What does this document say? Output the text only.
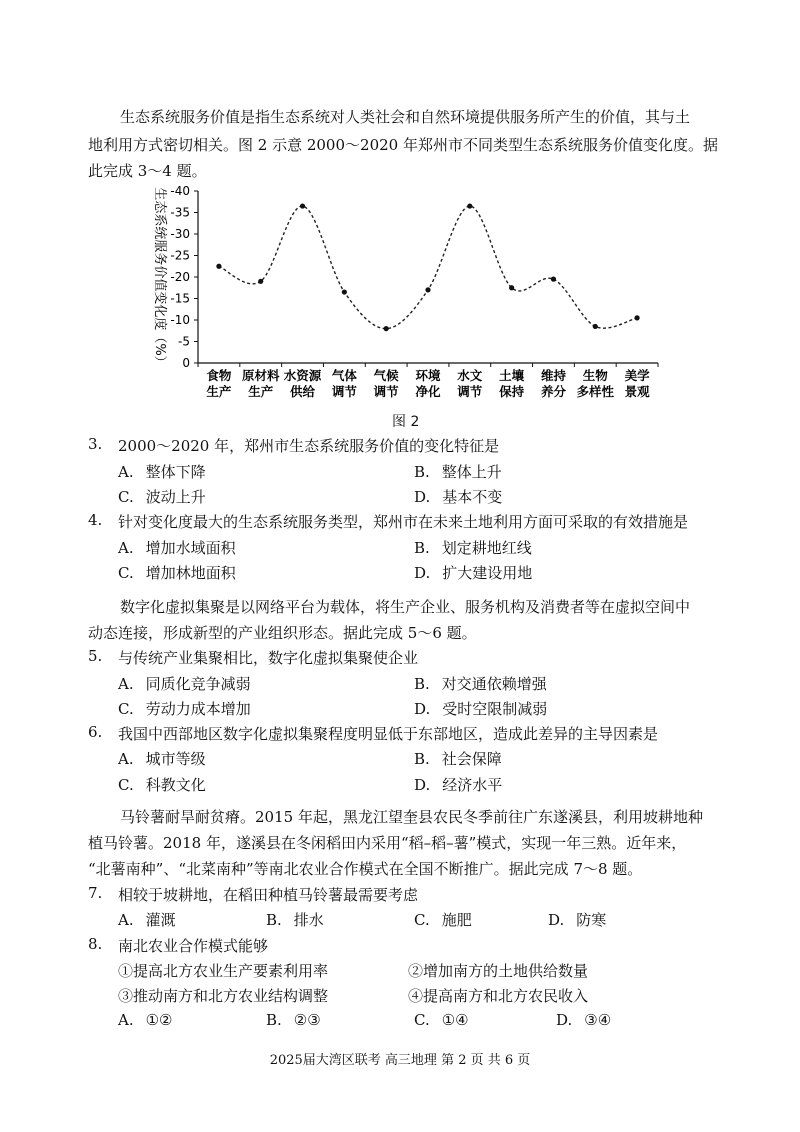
生态系统服务价值是指生态系统对人类社会和自然环境提供服务所产生的价值，其与土
地利用方式密切相关。图 2 示意 2000～2020 年郑州市不同类型生态系统服务价值变化度。据
此完成 3～4 题。
0
-5
-10
-15
-20
-25
-30
-35
-40
食物
生产
原材料
生产
水资源
供给
气体
调节
气候
调节
环境
净化
水文
调节
土壤
保持
维持
养分
生物
多样性
美学
景观
生态系统服务价值变化度（%）
图 2
3. 2000～2020 年，郑州市生态系统服务价值的变化特征是
A. 整体下降	B. 整体上升
C. 波动上升	D. 基本不变
4. 针对变化度最大的生态系统服务类型，郑州市在未来土地利用方面可采取的有效措施是
A. 增加水域面积	B. 划定耕地红线
C. 增加林地面积	D. 扩大建设用地
数字化虚拟集聚是以网络平台为载体，将生产企业、服务机构及消费者等在虚拟空间中
动态连接，形成新型的产业组织形态。据此完成 5～6 题。
5. 与传统产业集聚相比，数字化虚拟集聚使企业
A. 同质化竞争减弱	B. 对交通依赖增强
C. 劳动力成本增加	D. 受时空限制减弱
6. 我国中西部地区数字化虚拟集聚程度明显低于东部地区，造成此差异的主导因素是
A. 城市等级	B. 社会保障
C. 科教文化	D. 经济水平
马铃薯耐旱耐贫瘠。2015 年起，黑龙江望奎县农民冬季前往广东遂溪县，利用坡耕地种
植马铃薯。2018 年，遂溪县在冬闲稻田内采用“稻–稻–薯”模式，实现一年三熟。近年来，
“北薯南种”、“北菜南种”等南北农业合作模式在全国不断推广。据此完成 7～8 题。
7. 相较于坡耕地，在稻田种植马铃薯最需要考虑
A. 灌溉	B. 排水	C. 施肥	D. 防寒
8. 南北农业合作模式能够
①提高北方农业生产要素利用率	②增加南方的土地供给数量
③推动南方和北方农业结构调整	④提高南方和北方农民收入
A. ①②	B. ②③	C. ①④	D. ③④
2025届大湾区联考 高三地理 第 2 页 共 6 页
